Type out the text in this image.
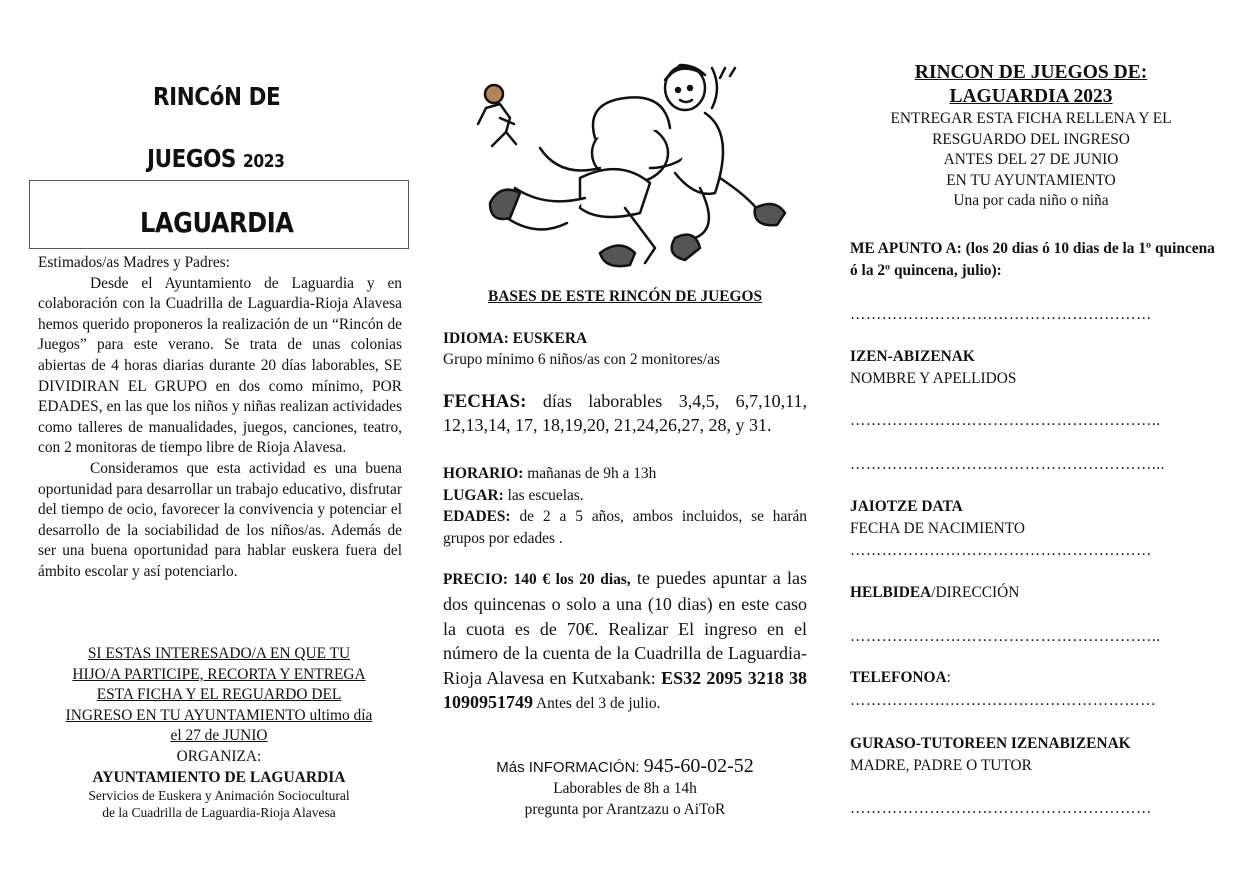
RINCóN DE
JUEGOS 2023
LAGUARDIA

Estimados/as Madres y Padres:

Desde el Ayuntamiento de Laguardia y en colaboración con la Cuadrilla de Laguardia-Rioja Alavesa hemos querido proponeros la realización de un “Rincón de Juegos” para este verano. Se trata de unas colonias abiertas de 4 horas diarias durante 20 días laborables, SE DIVIDIRAN EL GRUPO en dos como mínimo, POR EDADES, en las que los niños y niñas realizan actividades como talleres de manualidades, juegos, canciones, teatro, con 2 monitoras de tiempo libre de Rioja Alavesa.

Consideramos que esta actividad es una buena oportunidad para desarrollar un trabajo educativo, disfrutar del tiempo de ocio, favorecer la convivencia y potenciar el desarrollo de la sociabilidad de los niños/as. Además de ser una buena oportunidad para hablar euskera fuera del ámbito escolar y así potenciarlo.

SI ESTAS INTERESADO/A EN QUE TU

HIJO/A PARTICIPE, RECORTA Y ENTREGA

ESTA FICHA Y EL REGUARDO DEL

INGRESO EN TU AYUNTAMIENTO ultimo día

el 27 de JUNIO

ORGANIZA:

AYUNTAMIENTO DE LAGUARDIA

Servicios de Euskera y Animación Sociocultural

de la Cuadrilla de Laguardia-Rioja Alavesa

BASES DE ESTE RINCÓN DE JUEGOS
IDIOMA: EUSKERA
Grupo mínimo 6 niños/as con 2 monitores/as
FECHAS: días laborables 3,4,5, 6,7,10,11, 12,13,14, 17, 18,19,20, 21,24,26,27, 28, y 31.
HORARIO: mañanas de 9h a 13h
LUGAR: las escuelas.
EDADES: de 2 a 5 años, ambos incluidos, se harán grupos por edades .
PRECIO: 140 € los 20 dias, te puedes apuntar a las dos quincenas o solo a una (10 dias) en este caso la cuota es de 70€. Realizar El ingreso en el número de la cuenta de la Cuadrilla de Laguardia-Rioja Alavesa en Kutxabank: ES32 2095 3218 38 1090951749 Antes del 3 de julio.
Más INFORMACIÓN: 945-60-02-52
Laborables de 8h a 14h
pregunta por Arantzazu o AiToR
RINCON DE JUEGOS DE:
LAGUARDIA 2023
ENTREGAR ESTA FICHA RELLENA Y EL
RESGUARDO DEL INGRESO
ANTES DEL 27 DE JUNIO
EN TU AYUNTAMIENTO
Una por cada niño o niña
ME APUNTO A: (los 20 dias ó 10 dias de la 1º quincena ó la 2º quincena, julio):
…………………………………………………
IZEN-ABIZENAK
NOMBRE Y APELLIDOS
…………………………………………………..
…………………………………………………...
JAIOTZE DATA
FECHA DE NACIMIENTO
…………………………………………………
HELBIDEA/DIRECCIÓN
…………………………………………………..
TELEFONOA:
……………….…………………………………
GURASO-TUTOREEN IZENABIZENAK
MADRE, PADRE O TUTOR
…………………………………………………
